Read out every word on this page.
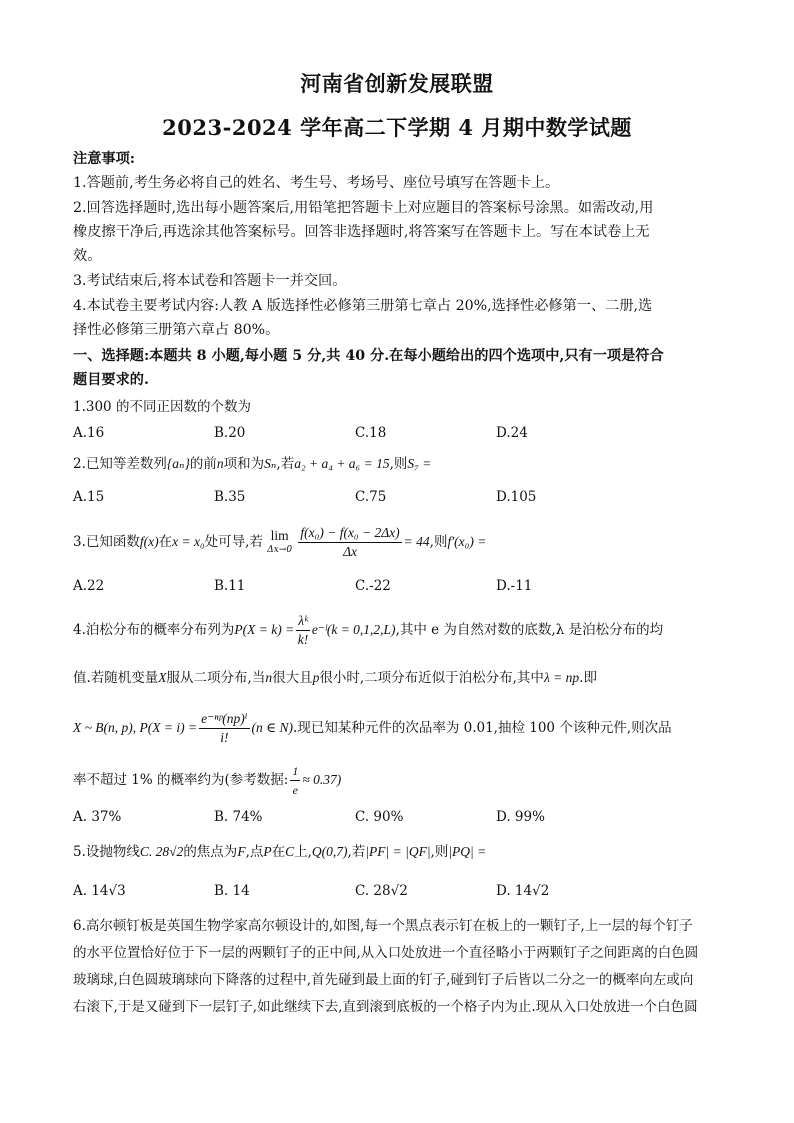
河南省创新发展联盟
2023-2024 学年高二下学期 4 月期中数学试题
注意事项:
1.答题前,考生务必将自己的姓名、考生号、考场号、座位号填写在答题卡上。
2.回答选择题时,选出每小题答案后,用铅笔把答题卡上对应题目的答案标号涂黑。如需改动,用
橡皮擦干净后,再选涂其他答案标号。回答非选择题时,将答案写在答题卡上。写在本试卷上无
效。
3.考试结束后,将本试卷和答题卡一并交回。
4.本试卷主要考试内容:人教 A 版选择性必修第三册第七章占 20%,选择性必修第一、二册,选
择性必修第三册第六章占 80%。
一、选择题:本题共 8 小题,每小题 5 分,共 40 分.在每小题给出的四个选项中,只有一项是符合
题目要求的.
1.300 的不同正因数的个数为
A.16	B.20	C.18	D.24
2.已知等差数列{aₙ}的前n项和为Sₙ,若a₂ + a₄ + a₆ = 15,则S₇ =
A.15	B.35	C.75	D.105
3.已知函数f(x)在x = x₀处可导,若 lim
Δx→0
$\frac{\text{f(x₀) − f(x₀ − 2Δx)}}{\Delta x} = 44$,则f′(x₀) =
A.22	B.11	C.-22	D.-11
4.泊松分布的概率分布列为$P(X = k) = \frac{\text{λᵏ}}{k!}$ e⁻ˡ(k = 0,1,2,L),其中 e 为自然对数的底数,λ 是泊松分布的均
值.若随机变量X服从二项分布,当n很大且p很小时,二项分布近似于泊松分布,其中λ = np.即
X ~ B(n, p), $P(X = i) = \frac{\text{e⁻ⁿᵖ(np)ⁱ}}{i!} (n$ ∈ N).现已知某种元件的次品率为 0.01,抽检 100 个该种元件,则次品
率不超过 1% 的概率约为(参考数据: $\frac{1}{e} \approx 0.37$)
A. 37%	B. 74%	C. 90%	D. 99%
5.设抛物线C. 28√2的焦点为F,点P在C上,Q(0,7),若|PF| = |QF|,则|PQ| =
A. 14√3	B. 14	C. 28√2	D. 14√2
6.高尔顿钉板是英国生物学家高尔顿设计的,如图,每一个黑点表示钉在板上的一颗钉子,上一层的每个钉子
的水平位置恰好位于下一层的两颗钉子的正中间,从入口处放进一个直径略小于两颗钉子之间距离的白色圆
玻璃球,白色圆玻璃球向下降落的过程中,首先碰到最上面的钉子,碰到钉子后皆以二分之一的概率向左或向
右滚下,于是又碰到下一层钉子,如此继续下去,直到滚到底板的一个格子内为止.现从入口处放进一个白色圆
